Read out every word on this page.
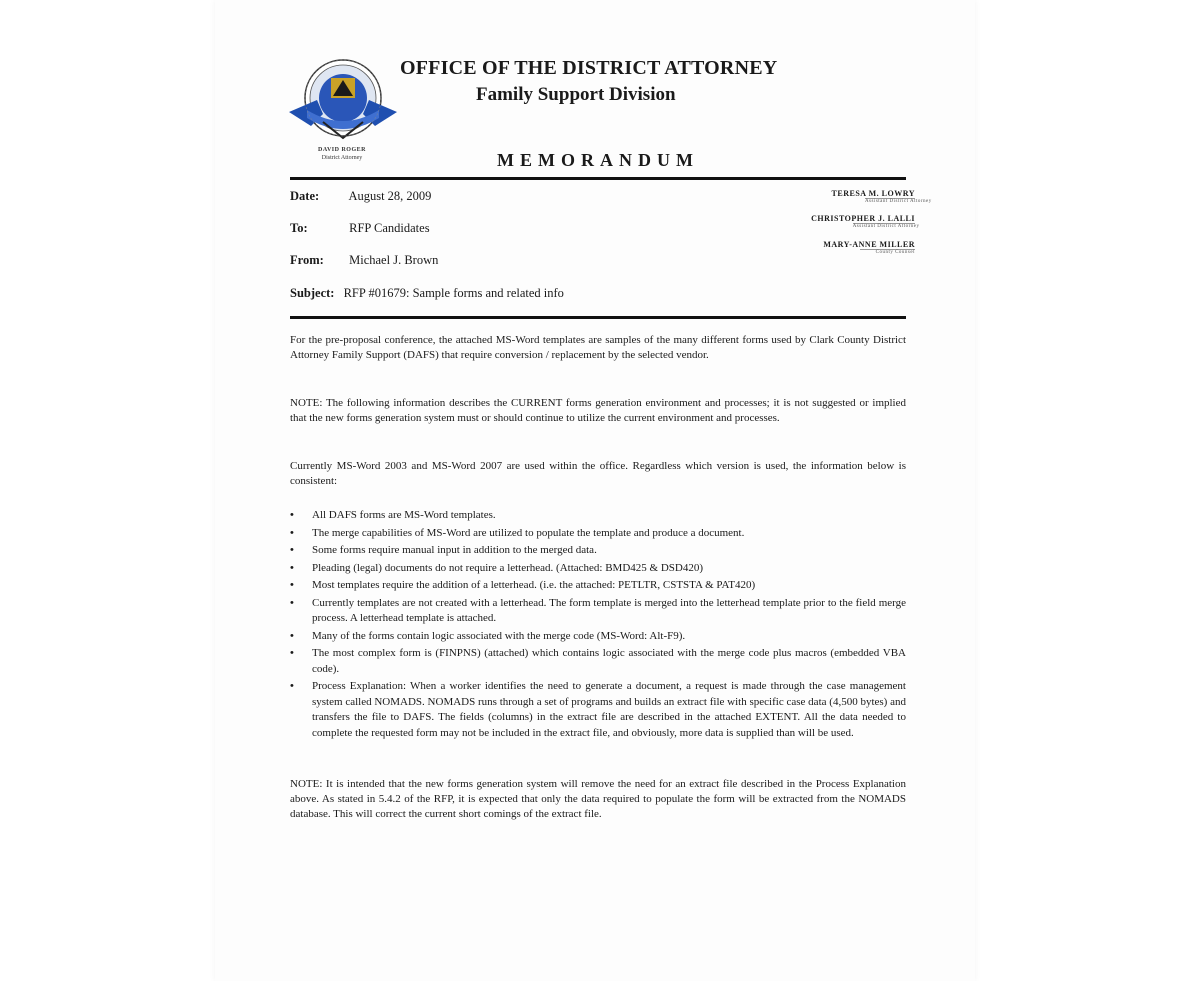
DAVID ROGER
District Attorney
OFFICE OF THE DISTRICT ATTORNEY
Family Support Division
MEMORANDUM
Date: August 28, 2009
To:	RFP Candidates
From: Michael J. Brown
Subject: RFP #01679: Sample forms and related info
TERESA M. LOWRY
Assistant District Attorney
CHRISTOPHER J. LALLI
Assistant District Attorney
MARY-ANNE MILLER
County Counsel

For the pre-proposal conference, the attached MS-Word templates are samples of the many different forms used by Clark County District Attorney Family Support (DAFS) that require conversion / replacement by the selected vendor.

NOTE: The following information describes the CURRENT forms generation environment and processes; it is not suggested or implied that the new forms generation system must or should continue to utilize the current environment and processes.

Currently MS-Word 2003 and MS-Word 2007 are used within the office. Regardless which version is used, the information below is consistent:

• All DAFS forms are MS-Word templates.
• The merge capabilities of MS-Word are utilized to populate the template and produce a document.
• Some forms require manual input in addition to the merged data.
• Pleading (legal) documents do not require a letterhead. (Attached: BMD425 & DSD420)
• Most templates require the addition of a letterhead. (i.e. the attached: PETLTR, CSTSTA & PAT420)
• Currently templates are not created with a letterhead. The form template is merged into the letterhead template prior to the field merge process. A letterhead template is attached.
• Many of the forms contain logic associated with the merge code (MS-Word: Alt-F9).
• The most complex form is (FINPNS) (attached) which contains logic associated with the merge code plus macros (embedded VBA code).
• Process Explanation: When a worker identifies the need to generate a document, a request is made through the case management system called NOMADS. NOMADS runs through a set of programs and builds an extract file with specific case data (4,500 bytes) and transfers the file to DAFS. The fields (columns) in the extract file are described in the attached EXTENT. All the data needed to complete the requested form may not be included in the extract file, and obviously, more data is supplied than will be used.

NOTE: It is intended that the new forms generation system will remove the need for an extract file described in the Process Explanation above. As stated in 5.4.2 of the RFP, it is expected that only the data required to populate the form will be extracted from the NOMADS database. This will correct the current short comings of the extract file.
